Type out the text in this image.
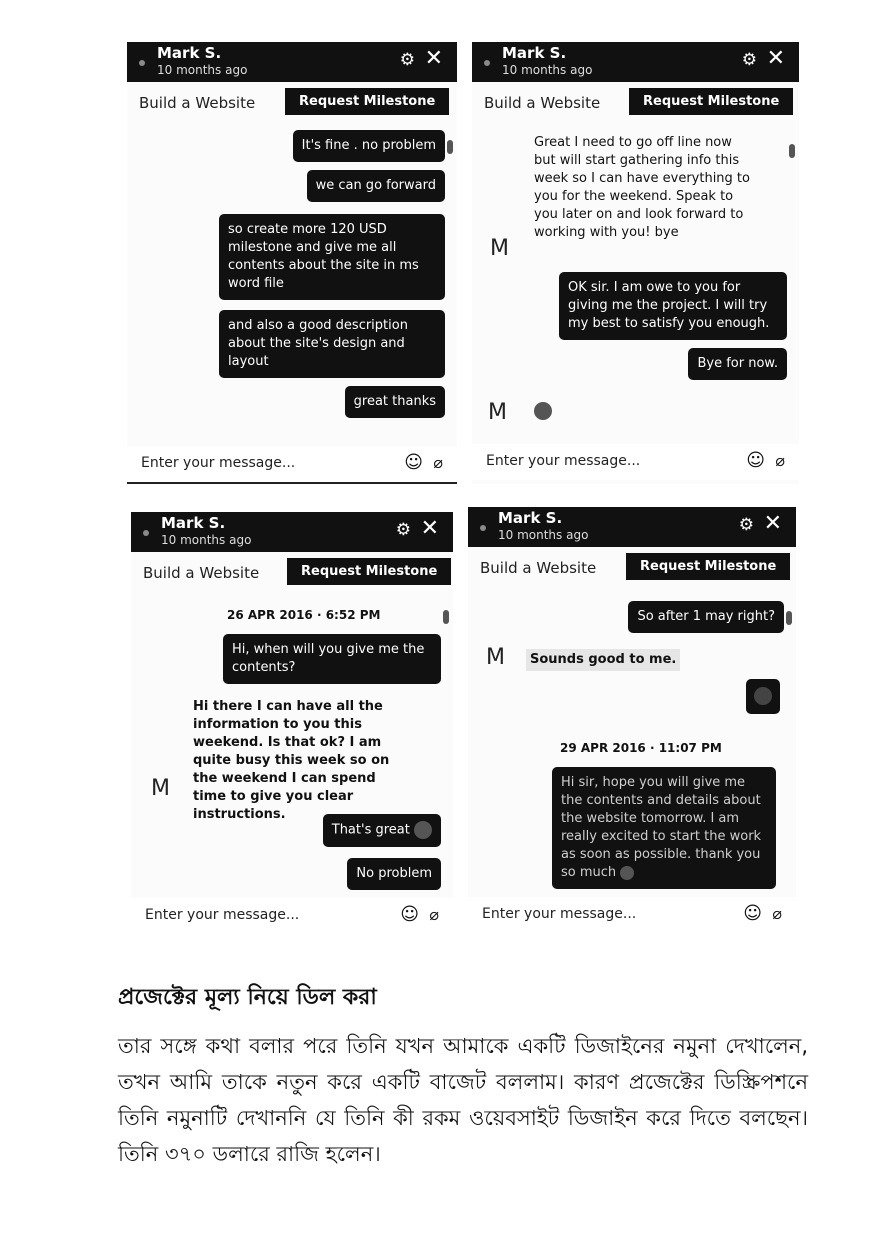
Mark S.
10 months ago	⚙ ✕
Build a Website	Request Milestone
It's fine . no problem
we can go forward
so create more 120 USD milestone and give me all contents about the site in ms word file
and also a good description about the site's design and layout
great thanks
Enter your message...	☺ ⌀
Mark S.
10 months ago	⚙ ✕
Build a Website	Request Milestone
Great I need to go off line now but will start gathering info this week so I can have everything to you for the weekend. Speak to you later on and look forward to working with you! bye
M
OK sir. I am owe to you for giving me the project. I will try my best to satisfy you enough.
Bye for now.
M
Enter your message...	☺ ⌀
Mark S.
10 months ago	⚙ ✕
Build a Website	Request Milestone
26 APR 2016 · 6:52 PM
Hi, when will you give me the contents?
Hi there I can have all the information to you this weekend. Is that ok? I am quite busy this week so on the weekend I can spend time to give you clear instructions.
M
That's great
No problem
Enter your message...	☺ ⌀
Mark S.
10 months ago	⚙ ✕
Build a Website	Request Milestone
So after 1 may right?
M	Sounds good to me.
29 APR 2016 · 11:07 PM
Hi sir, hope you will give me the contents and details about the website tomorrow. I am really excited to start the work as soon as possible. thank you so much
Enter your message...	☺ ⌀
প্রজেক্টের মূল্য নিয়ে ডিল করা
তার সঙ্গে কথা বলার পরে তিনি যখন আমাকে একটি ডিজাইনের নমুনা দেখালেন, তখন আমি তাকে নতুন করে একটি বাজেট বললাম। কারণ প্রজেক্টের ডিস্ক্রিপশনে তিনি নমুনাটি দেখাননি যে তিনি কী রকম ওয়েবসাইট ডিজাইন করে দিতে বলছেন। তিনি ৩৭০ ডলারে রাজি হলেন।
